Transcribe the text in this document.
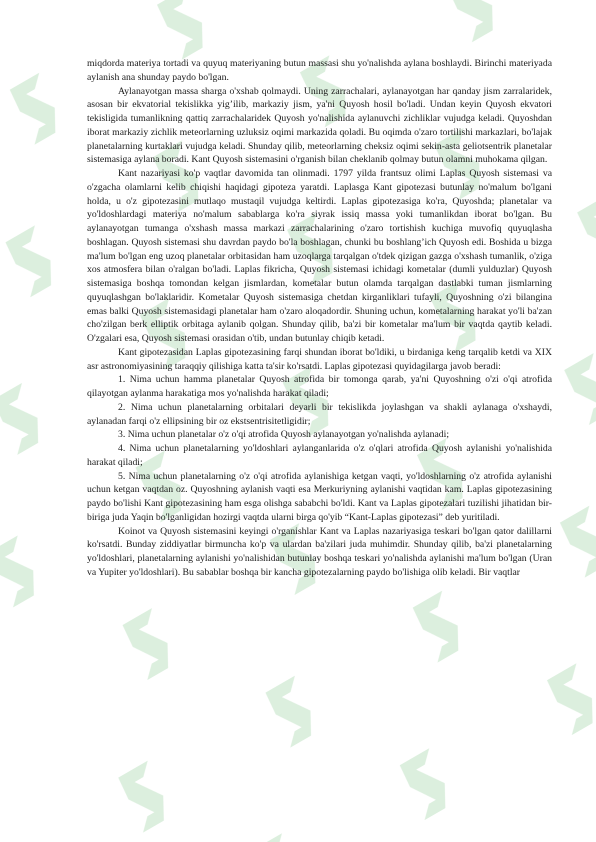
miqdorda materiya tortadi va quyuq materiyaning butun massasi shu yo'nalishda aylana boshlaydi. Birinchi materiyada aylanish ana shunday paydo bo'lgan.

Aylanayotgan massa sharga o'xshab qolmaydi. Uning zarrachalari, aylanayotgan har qanday jism zarralaridek, asosan bir ekvatorial tekislikka yig’ilib, markaziy jism, ya'ni Quyosh hosil bo'ladi. Undan keyin Quyosh ekvatori tekisligida tumanlikning qattiq zarrachalaridek Quyosh yo'nalishida aylanuvchi zichliklar vujudga keladi. Quyoshdan iborat markaziy zichlik meteorlarning uzluksiz oqimi markazida qoladi. Bu oqimda o'zaro tortilishi markazlari, bo'lajak planetalarning kurtaklari vujudga keladi. Shunday qilib, meteorlarning cheksiz oqimi sekin-asta geliotsentrik planetalar sistemasiga aylana boradi. Kant Quyosh sistemasini o'rganish bilan cheklanib qolmay butun olamni muhokama qilgan.

Kant nazariyasi ko'p vaqtlar davomida tan olinmadi. 1797 yilda frantsuz olimi Laplas Quyosh sistemasi va o'zgacha olamlarni kelib chiqishi haqidagi gipoteza yaratdi. Laplasga Kant gipotezasi butunlay no'malum bo'lgani holda, u o'z gipotezasini mutlaqo mustaqil vujudga keltirdi. Laplas gipotezasiga ko'ra, Quyoshda; planetalar va yo'ldoshlardagi materiya no'malum sabablarga ko'ra siyrak issiq massa yoki tumanlikdan iborat bo'lgan. Bu aylanayotgan tumanga o'xshash massa markazi zarrachalarining o'zaro tortishish kuchiga muvofiq quyuqlasha boshlagan. Quyosh sistemasi shu davrdan paydo bo'la boshlagan, chunki bu boshlang’ich Quyosh edi. Boshida u bizga ma'lum bo'lgan eng uzoq planetalar orbitasidan ham uzoqlarga tarqalgan o'tdek qizigan gazga o'xshash tumanlik, o'ziga xos atmosfera bilan o'ralgan bo'ladi. Laplas fikricha, Quyosh sistemasi ichidagi kometalar (dumli yulduzlar) Quyosh sistemasiga boshqa tomondan kelgan jismlardan, kometalar butun olamda tarqalgan dastlabki tuman jismlarning quyuqlashgan bo'laklaridir. Kometalar Quyosh sistemasiga chetdan kirganliklari tufayli, Quyoshning o'zi bilangina emas balki Quyosh sistemasidagi planetalar ham o'zaro aloqadordir. Shuning uchun, kometalarning harakat yo'li ba'zan cho'zilgan berk elliptik orbitaga aylanib qolgan. Shunday qilib, ba'zi bir kometalar ma'lum bir vaqtda qaytib keladi. O'zgalari esa, Quyosh sistemasi orasidan o'tib, undan butunlay chiqib ketadi.

Kant gipotezasidan Laplas gipotezasining farqi shundan iborat bo'ldiki, u birdaniga keng tarqalib ketdi va XIX asr astronomiyasining taraqqiy qilishiga katta ta'sir ko'rsatdi. Laplas gipotezasi quyidagilarga javob beradi:

1. Nima uchun hamma planetalar Quyosh atrofida bir tomonga qarab, ya'ni Quyoshning o'zi o'qi atrofida qilayotgan aylanma harakatiga mos yo'nalishda harakat qiladi;

2. Nima uchun planetalarning orbitalari deyarli bir tekislikda joylashgan va shakli aylanaga o'xshaydi, aylanadan farqi o'z ellipsining bir oz ekstsentrisitetligidir;

3. Nima uchun planetalar o'z o'qi atrofida Quyosh aylanayotgan yo'nalishda aylanadi;

4. Nima uchun planetalarning yo'ldoshlari aylanganlarida o'z o'qlari atrofida Quyosh aylanishi yo'nalishida harakat qiladi;

5. Nima uchun planetalarning o'z o'qi atrofida aylanishiga ketgan vaqti, yo'ldoshlarning o'z atrofida aylanishi uchun ketgan vaqtdan oz. Quyoshning aylanish vaqti esa Merkuriyning aylanishi vaqtidan kam. Laplas gipotezasining paydo bo'lishi Kant gipotezasining ham esga olishga sababchi bo'ldi. Kant va Laplas gipotezalari tuzilishi jihatidan bir-biriga juda Yaqin bo'lganligidan hozirgi vaqtda ularni birga qo'yib “Kant-Laplas gipotezasi” deb yuritiladi.

Koinot va Quyosh sistemasini keyingi o'rganishlar Kant va Laplas nazariyasiga teskari bo'lgan qator dalillarni ko'rsatdi. Bunday ziddiyatlar birmuncha ko'p va ulardan ba'zilari juda muhimdir. Shunday qilib, ba'zi planetalarning yo'ldoshlari, planetalarning aylanishi yo'nalishidan butunlay boshqa teskari yo'nalishda aylanishi ma'lum bo'lgan (Uran va Yupiter yo'ldoshlari). Bu sabablar boshqa bir kancha gipotezalarning paydo bo'lishiga olib keladi. Bir vaqtlar
